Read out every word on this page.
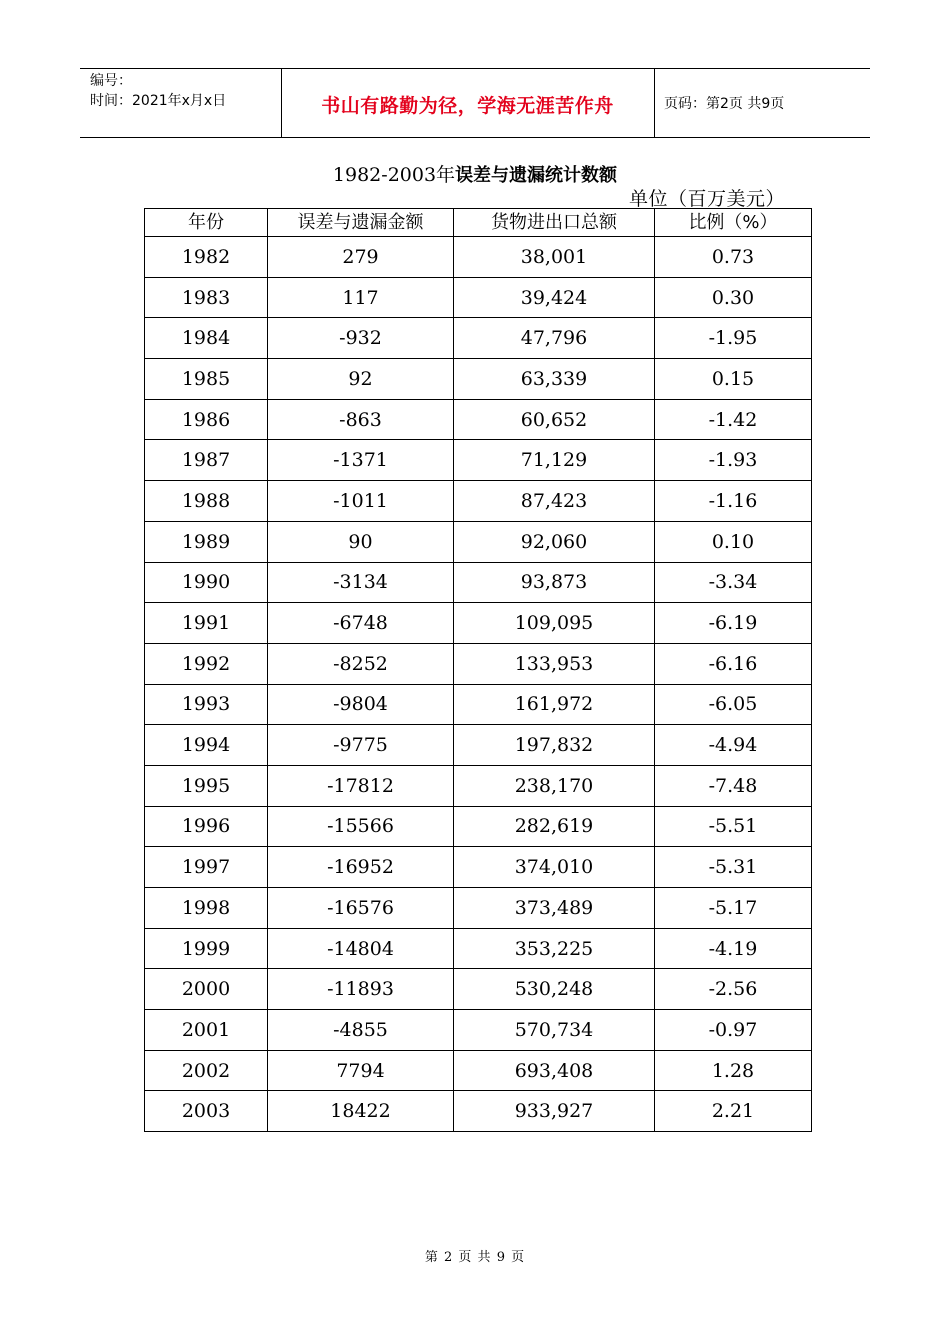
编号：
时间：2021年x月x日	书山有路勤为径，学海无涯苦作舟	页码：第2页 共9页
1982-2003年误差与遗漏统计数额
单位（百万美元）
年份	误差与遗漏金额	货物进出口总额	比例（%）
1982	279	38,001	0.73
1983	117	39,424	0.30
1984	-932	47,796	-1.95
1985	92	63,339	0.15
1986	-863	60,652	-1.42
1987	-1371	71,129	-1.93
1988	-1011	87,423	-1.16
1989	90	92,060	0.10
1990	-3134	93,873	-3.34
1991	-6748	109,095	-6.19
1992	-8252	133,953	-6.16
1993	-9804	161,972	-6.05
1994	-9775	197,832	-4.94
1995	-17812	238,170	-7.48
1996	-15566	282,619	-5.51
1997	-16952	374,010	-5.31
1998	-16576	373,489	-5.17
1999	-14804	353,225	-4.19
2000	-11893	530,248	-2.56
2001	-4855	570,734	-0.97
2002	7794	693,408	1.28
2003	18422	933,927	2.21
第 2 页 共 9 页
